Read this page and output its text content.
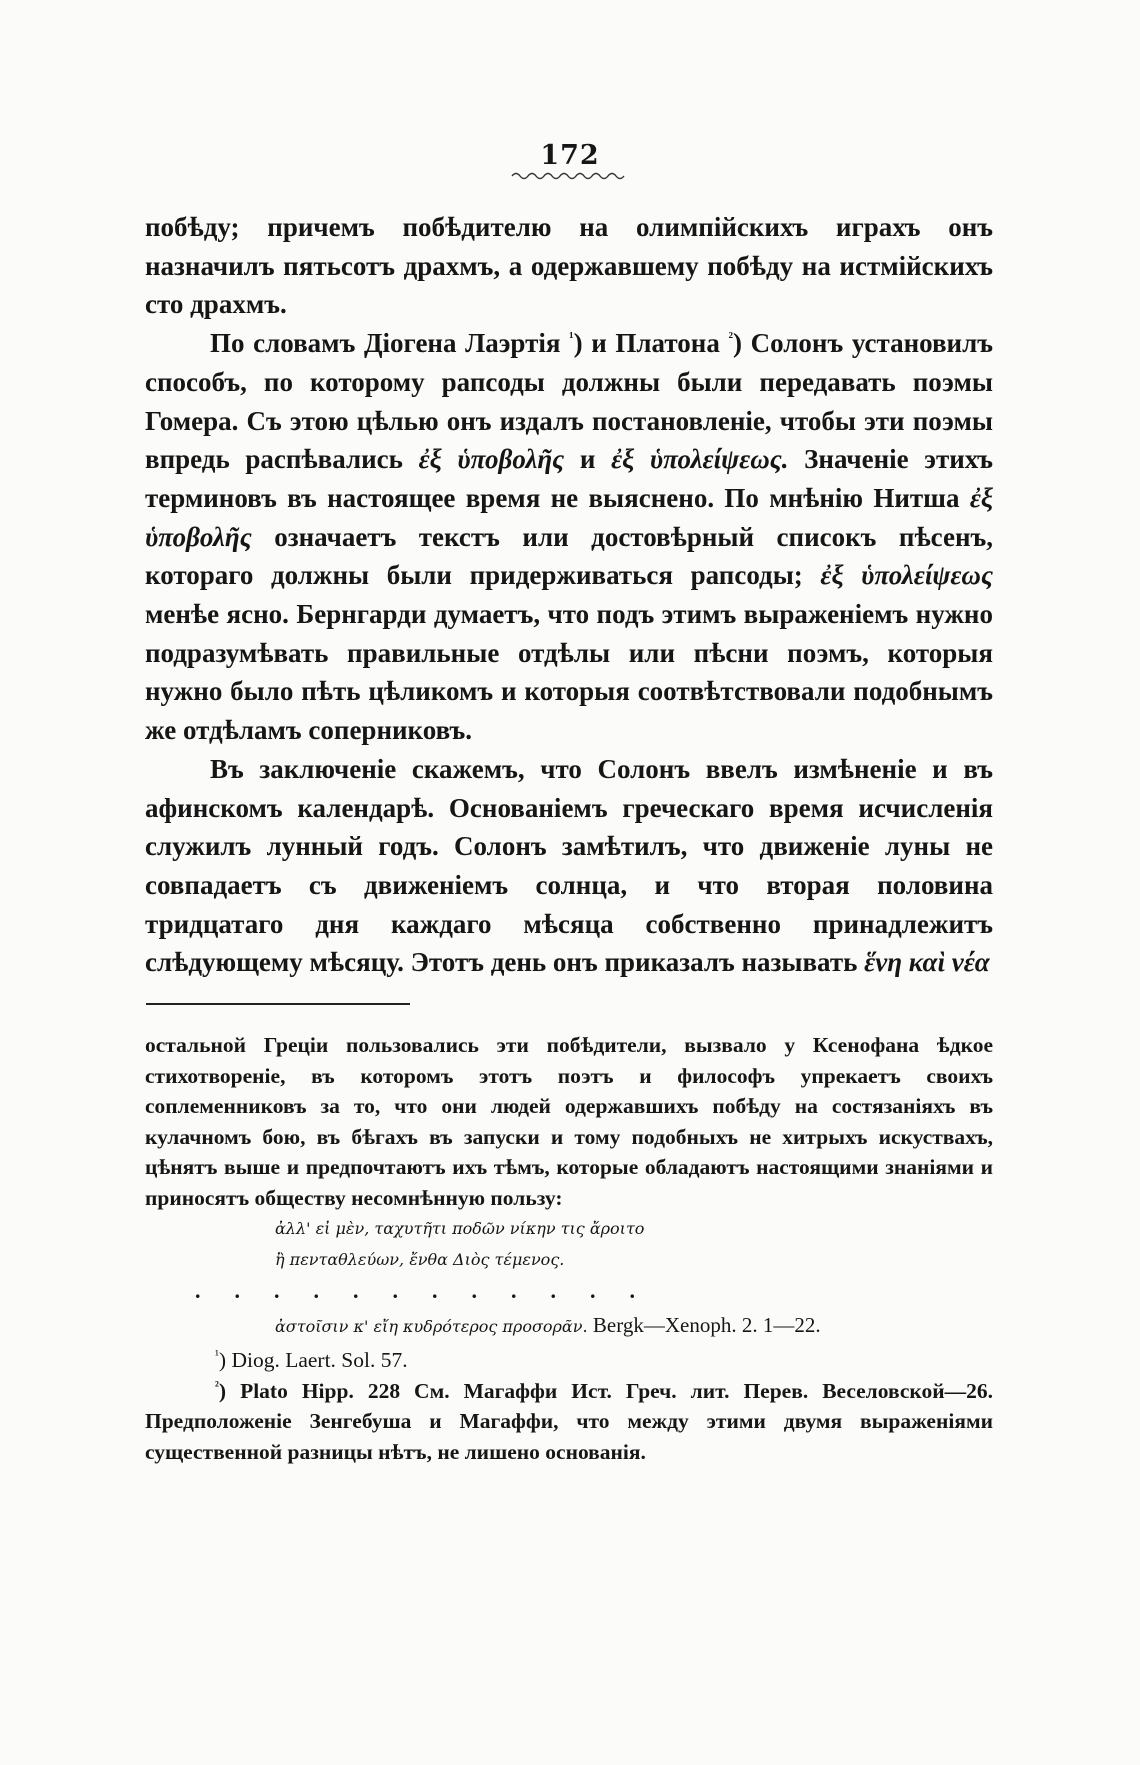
172

побѣду; причемъ побѣдителю на олимпійскихъ играхъ онъ назначилъ пятьсотъ драхмъ, а одержавшему побѣду на истмійскихъ сто драхмъ.

По словамъ Діогена Лаэртія $^{^1}$) и Платона $^{^2}$) Солонъ установилъ способъ, по которому рапсоды должны были передавать поэмы Гомера. Съ этою цѣлью онъ издалъ постановленіе, чтобы эти поэмы впредь распѣвались ἐξ ὑποβολῆς и ἐξ ὑπολείψεως. Значеніе этихъ терминовъ въ настоящее время не выяснено. По мнѣнію Нитша ἐξ ὑποβολῆς означаетъ текстъ или достовѣрный списокъ пѣсенъ, котораго должны были придерживаться рапсоды; ἐξ ὑπολείψεως менѣе ясно. Бернгарди думаетъ, что подъ этимъ выраженіемъ нужно подразумѣвать правильные отдѣлы или пѣсни поэмъ, которыя нужно было пѣть цѣликомъ и которыя соотвѣтствовали подобнымъ же отдѣламъ соперниковъ.

Въ заключеніе скажемъ, что Солонъ ввелъ измѣненіе и въ афинскомъ календарѣ. Основаніемъ греческаго время исчисленія служилъ лунный годъ. Солонъ замѣтилъ, что движеніе луны не совпадаетъ съ движеніемъ солнца, и что вторая половина тридцатаго дня каждаго мѣсяца собственно принадлежитъ слѣдующему мѣсяцу. Этотъ день онъ приказалъ называть ἕνη καὶ νέα

остальной Греціи пользовались эти побѣдители, вызвало у Ксенофана ѣдкое стихотвореніе, въ которомъ этотъ поэтъ и философъ упрекаетъ своихъ соплеменниковъ за то, что они людей одержавшихъ побѣду на состязаніяхъ въ кулачномъ бою, въ бѣгахъ въ запуски и тому подобныхъ не хитрыхъ искуствахъ, цѣнятъ выше и предпочтаютъ ихъ тѣмъ, которые обладаютъ настоящими знаніями и приносятъ обществу несомнѣнную пользу:

ἀλλ' εἰ μὲν, ταχυτῆτι ποδῶν νίκην τις ἄροιτο
ἢ πενταθλεύων, ἔνθα Διὸς τέμενος.
............
ἀστοῖσιν κ' εἴη κυδρότερος προσορᾶν. Bergk—Xenoph. 2. 1—22.

$^{^1}$) Diog. Laert. Sol. 57.

$^{^2}$) Plato Hipp. 228 См. Магаффи Ист. Греч. лит. Перев. Веселовской—26. Предположеніе Зенгебуша и Магаффи, что между этими двумя выраженіями существенной разницы нѣтъ, не лишено основанія.
